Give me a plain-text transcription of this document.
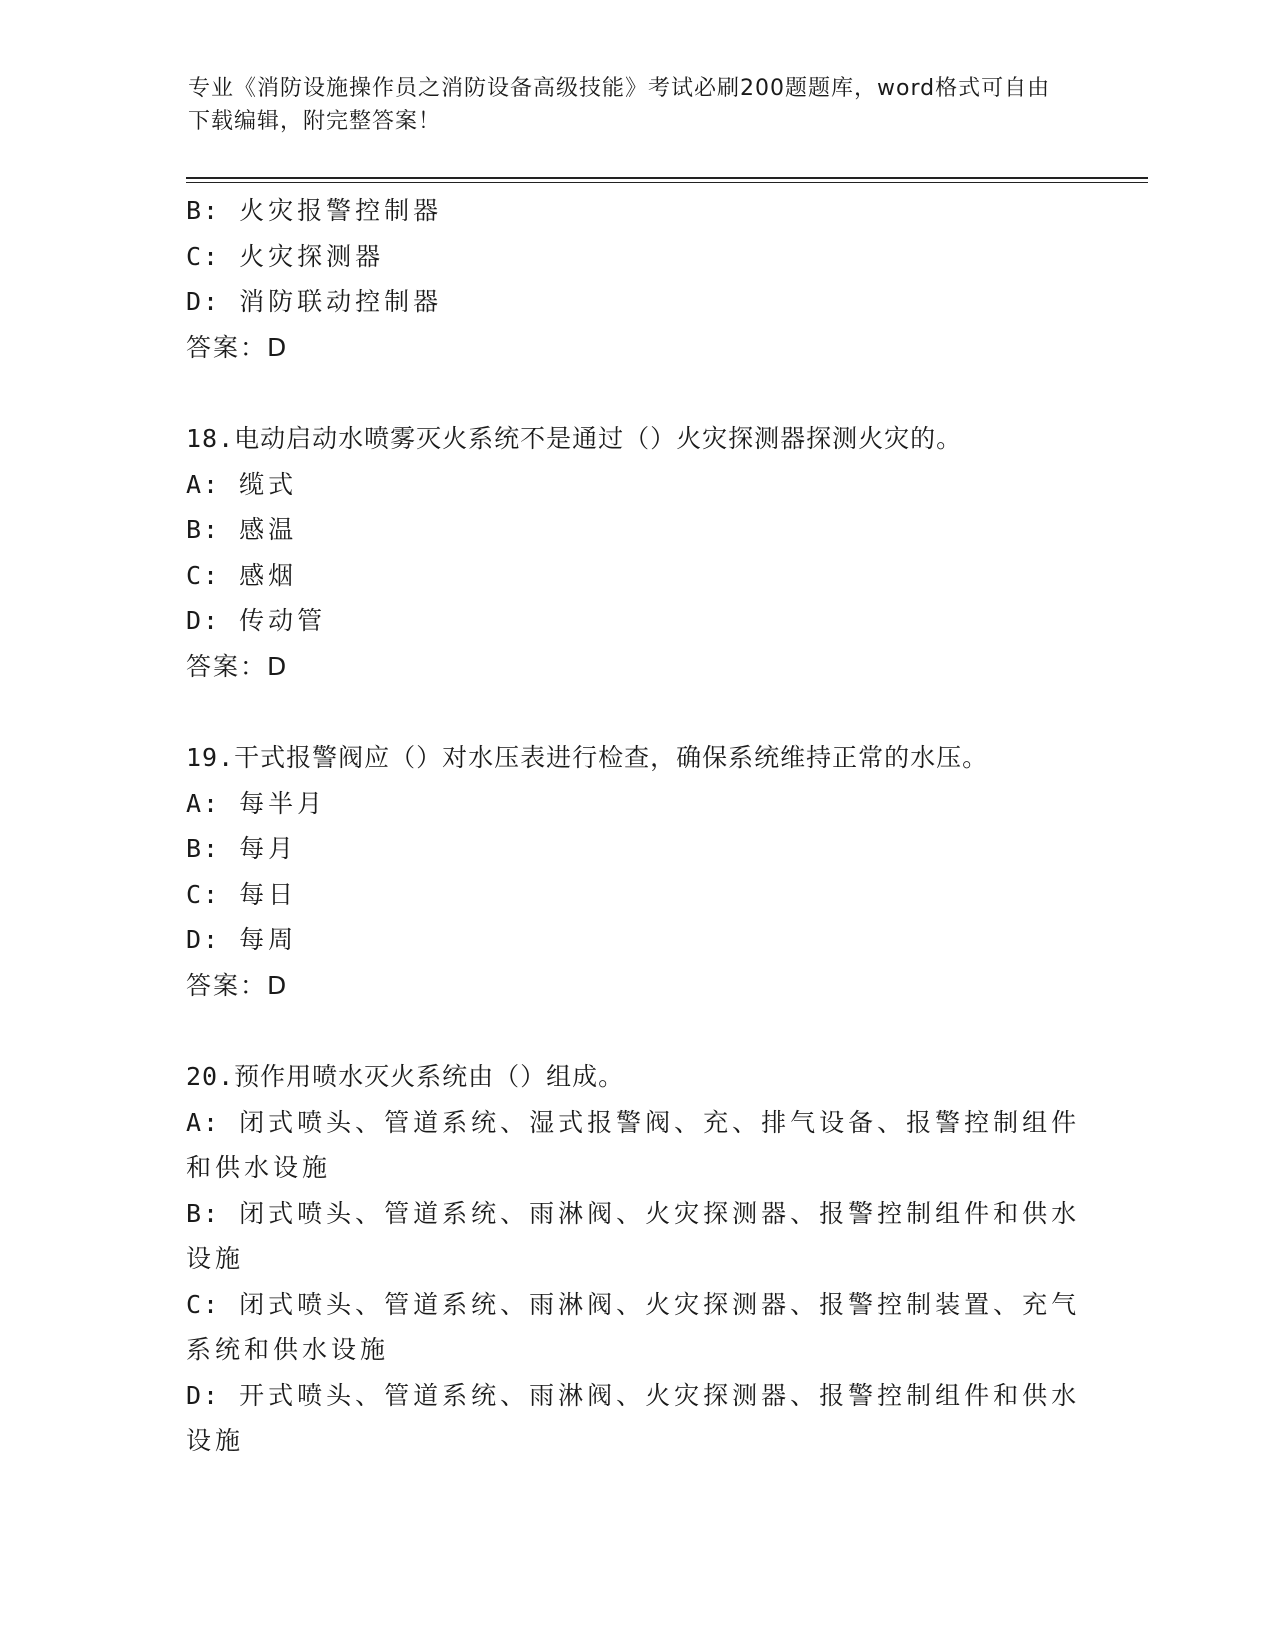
专业《消防设施操作员之消防设备高级技能》考试必刷200题题库，word格式可自由下载编辑，附完整答案！
B: 火灾报警控制器
C: 火灾探测器
D: 消防联动控制器
答案：D
18.电动启动水喷雾灭火系统不是通过（）火灾探测器探测火灾的。
A: 缆式
B: 感温
C: 感烟
D: 传动管
答案：D
19.干式报警阀应（）对水压表进行检查，确保系统维持正常的水压。
A: 每半月
B: 每月
C: 每日
D: 每周
答案：D
20.预作用喷水灭火系统由（）组成。
A: 闭式喷头、管道系统、湿式报警阀、充、排气设备、报警控制组件和供水设施
B: 闭式喷头、管道系统、雨淋阀、火灾探测器、报警控制组件和供水设施
C: 闭式喷头、管道系统、雨淋阀、火灾探测器、报警控制装置、充气系统和供水设施
D: 开式喷头、管道系统、雨淋阀、火灾探测器、报警控制组件和供水设施
